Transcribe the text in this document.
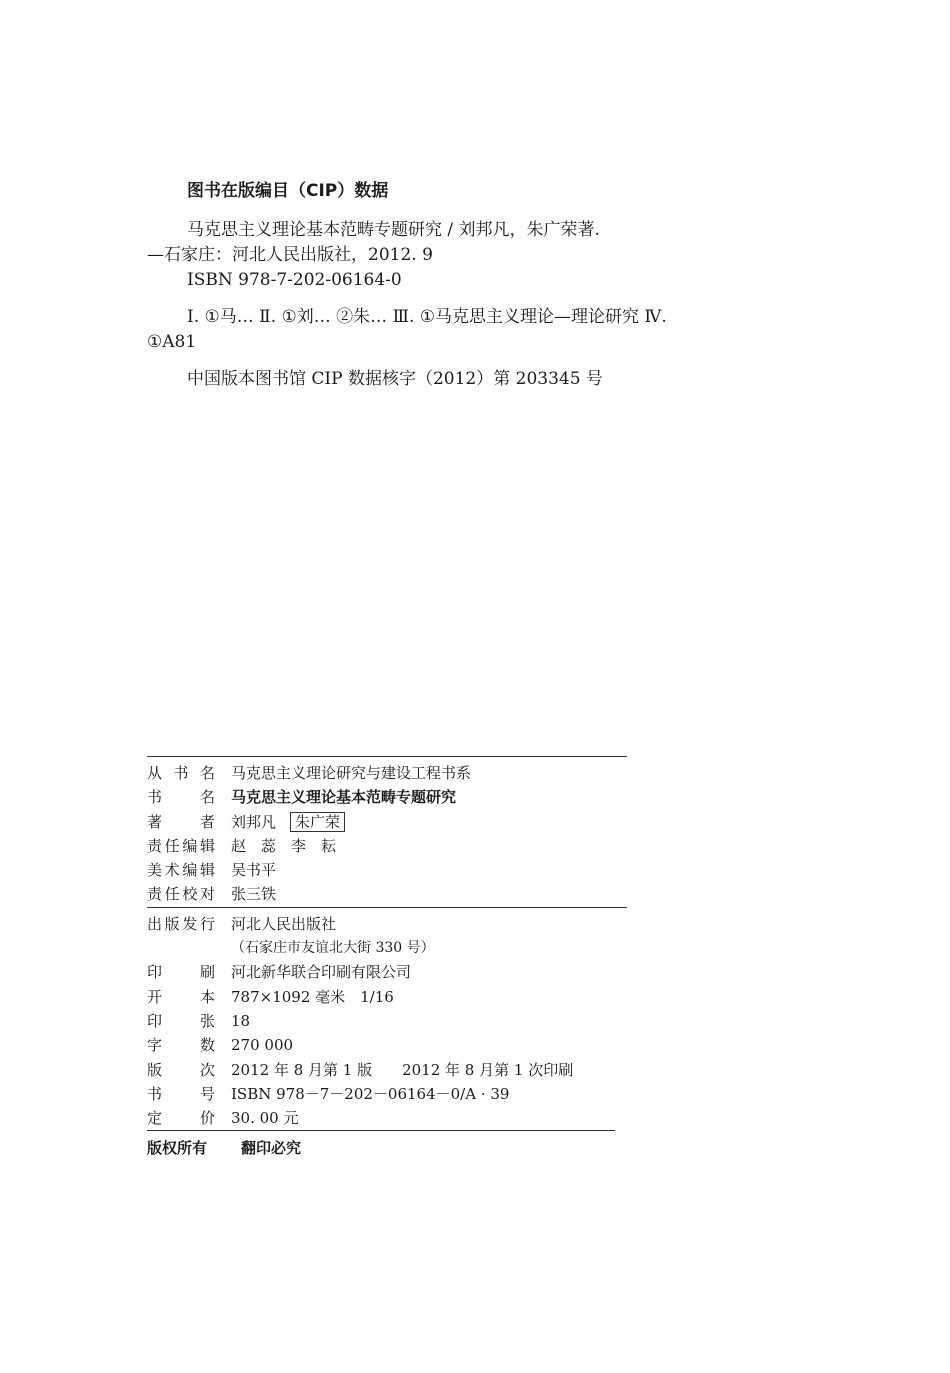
图书在版编目（CIP）数据

马克思主义理论基本范畴专题研究 / 刘邦凡，朱广荣著.

—石家庄：河北人民出版社，2012. 9

ISBN 978-7-202-06164-0

Ⅰ. ①马… Ⅱ. ①刘… ②朱… Ⅲ. ①马克思主义理论—理论研究 Ⅳ. ①A81

中国版本图书馆 CIP 数据核字（2012）第 203345 号

从书名 马克思主义理论研究与建设工程书系
书名 马克思主义理论基本范畴专题研究
著者 刘邦凡 朱广荣
责任编辑 赵　蕊　李　耘
美术编辑 吴书平
责任校对 张三铁
出版发行 河北人民出版社
（石家庄市友谊北大街 330 号）
印刷 河北新华联合印刷有限公司
开本 787×1092 毫米　1/16
印张 18
字数 270 000
版次 2012 年 8 月第 1 版　　2012 年 8 月第 1 次印刷
书号 ISBN 978－7－202－06164－0/A · 39
定价 30. 00 元
版权所有 翻印必究
